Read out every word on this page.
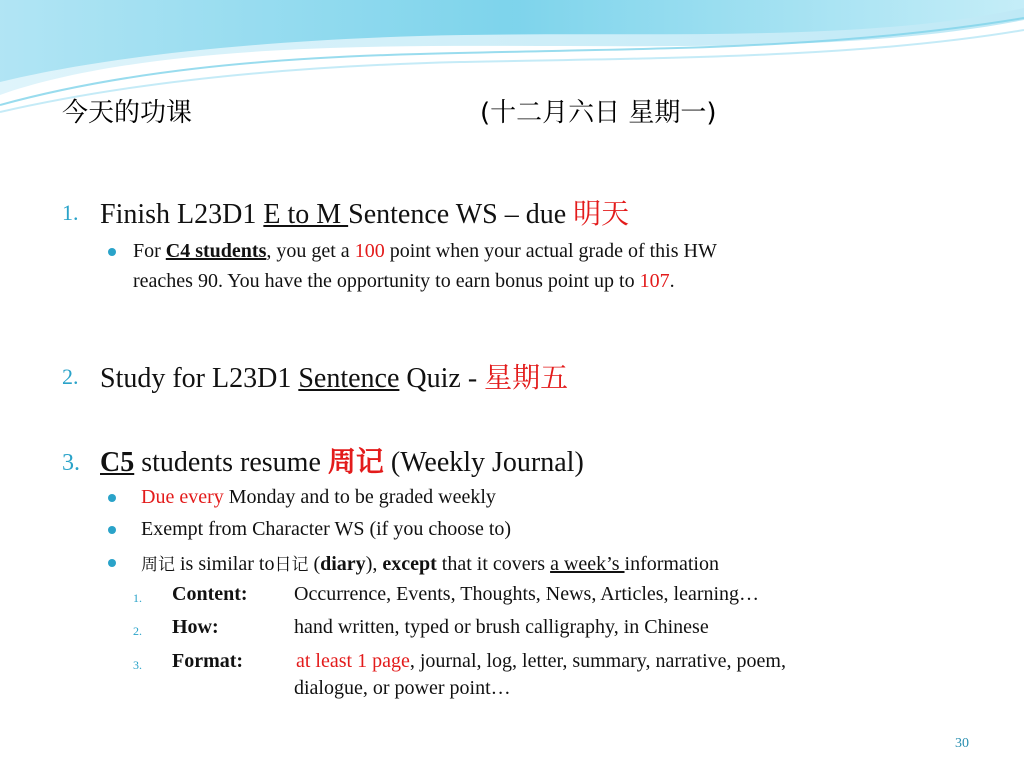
今天的功课	(十二月六日 星期一)
1. Finish L23D1 E to M Sentence WS – due 明天
For C4 students, you get a 100 point when your actual grade of this HW
reaches 90. You have the opportunity to earn bonus point up to 107.
2. Study for L23D1 Sentence Quiz - 星期五
3. C5 students resume 周记 (Weekly Journal)
Due every Monday and to be graded weekly
Exempt from Character WS (if you choose to)
周记 is similar to日记 (diary), except that it covers a week’s information
1. Content: Occurrence, Events, Thoughts, News, Articles, learning…
2. How:	hand written, typed or brush calligraphy, in Chinese
3. Format:	at least 1 page, journal, log, letter, summary, narrative, poem,
dialogue, or power point…
30
